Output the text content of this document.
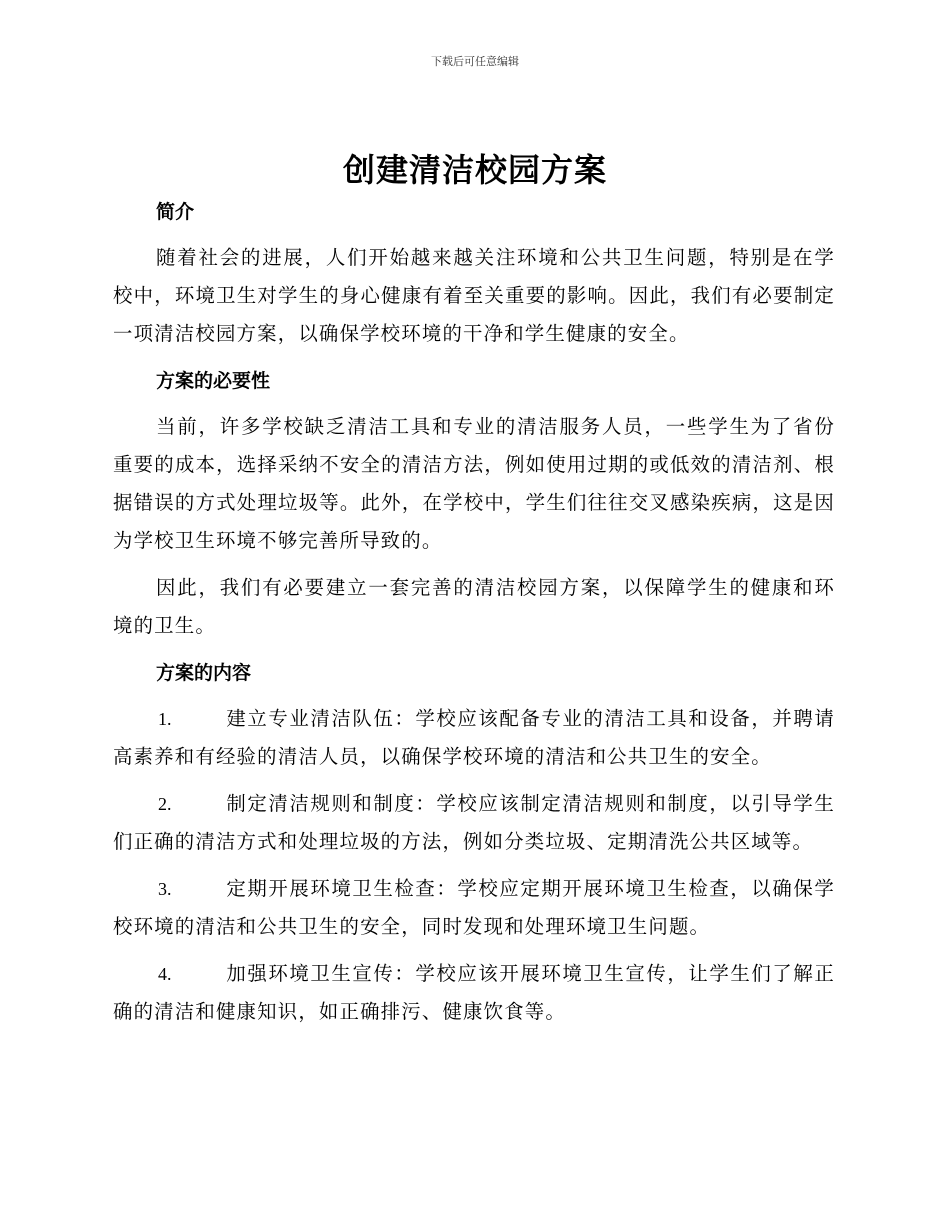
下载后可任意编辑
创建清洁校园方案
简介

随着社会的进展，人们开始越来越关注环境和公共卫生问题，特别是在学校中，环境卫生对学生的身心健康有着至关重要的影响。因此，我们有必要制定一项清洁校园方案，以确保学校环境的干净和学生健康的安全。

方案的必要性

当前，许多学校缺乏清洁工具和专业的清洁服务人员，一些学生为了省份重要的成本，选择采纳不安全的清洁方法，例如使用过期的或低效的清洁剂、根据错误的方式处理垃圾等。此外，在学校中，学生们往往交叉感染疾病，这是因为学校卫生环境不够完善所导致的。

因此，我们有必要建立一套完善的清洁校园方案，以保障学生的健康和环境的卫生。

方案的内容

1.	建立专业清洁队伍：学校应该配备专业的清洁工具和设备，并聘请高素养和有经验的清洁人员，以确保学校环境的清洁和公共卫生的安全。

2.	制定清洁规则和制度：学校应该制定清洁规则和制度，以引导学生们正确的清洁方式和处理垃圾的方法，例如分类垃圾、定期清洗公共区域等。

3.	定期开展环境卫生检查：学校应定期开展环境卫生检查，以确保学校环境的清洁和公共卫生的安全，同时发现和处理环境卫生问题。

4.	加强环境卫生宣传：学校应该开展环境卫生宣传，让学生们了解正确的清洁和健康知识，如正确排污、健康饮食等。
